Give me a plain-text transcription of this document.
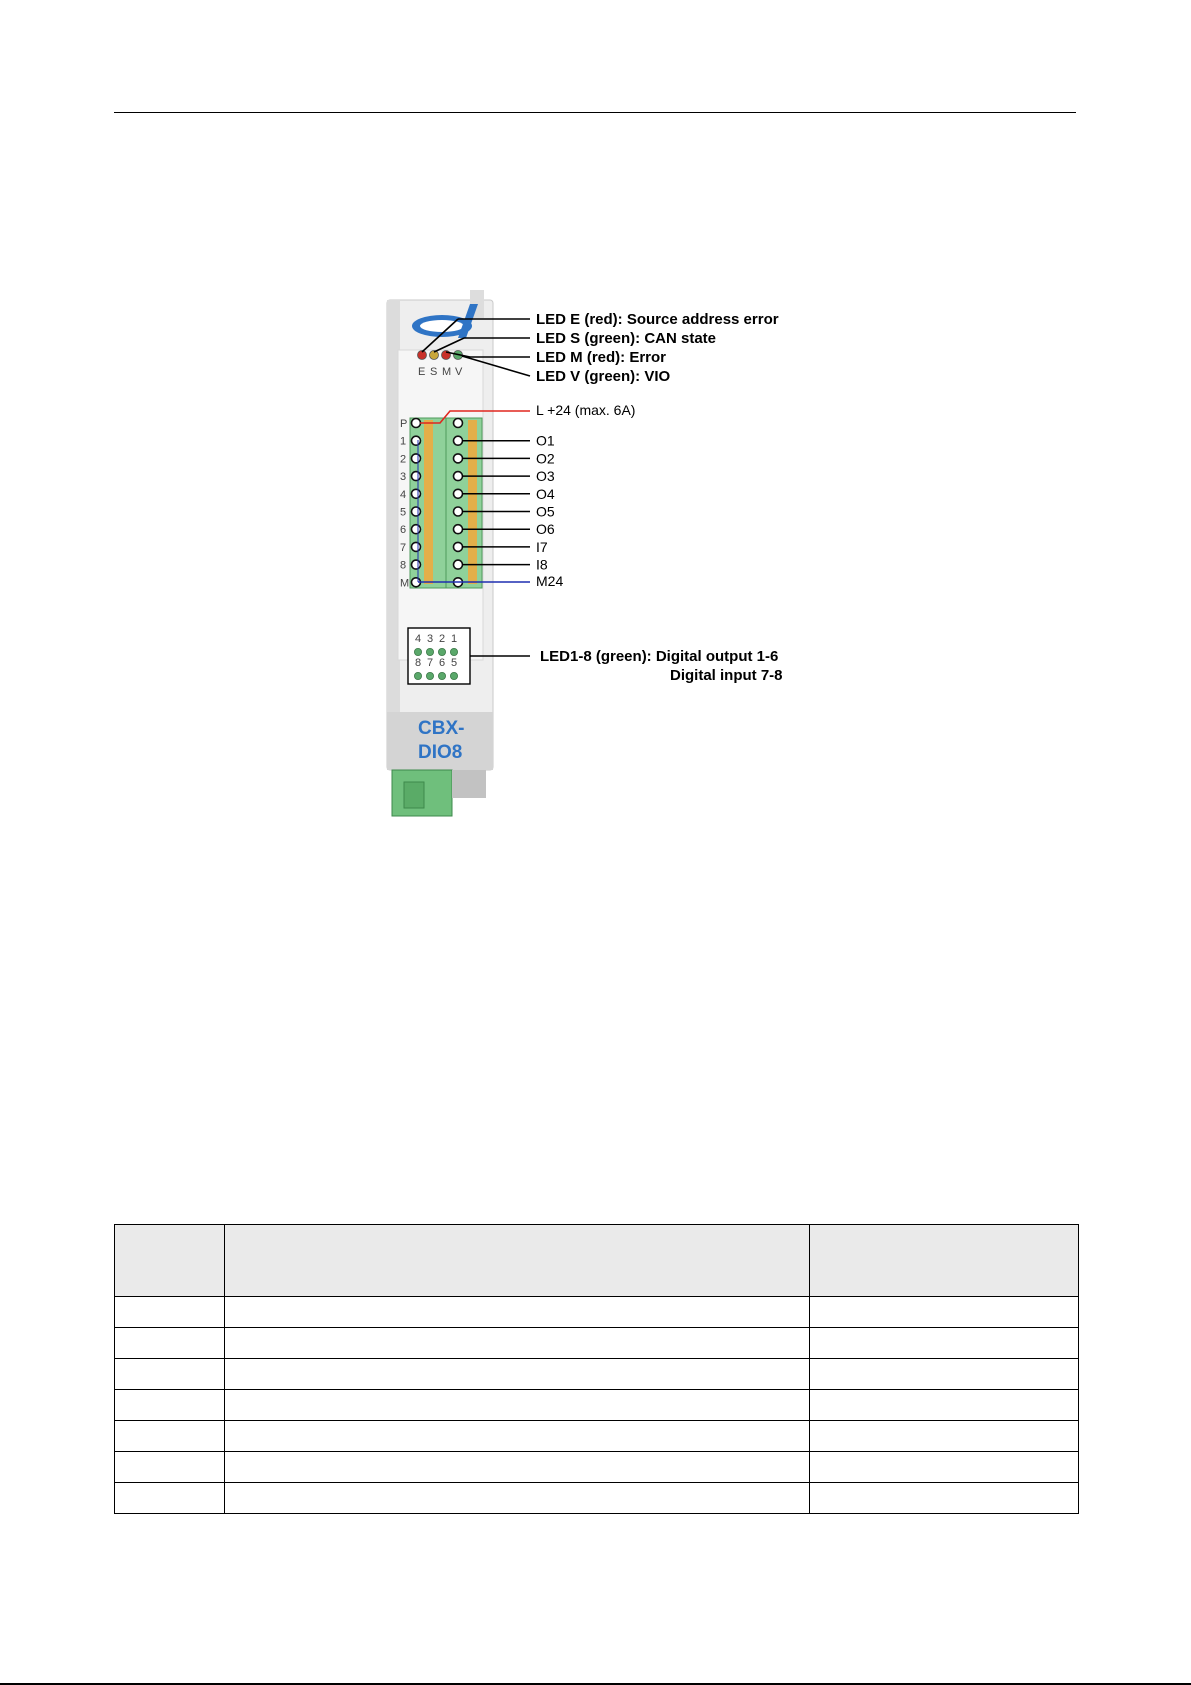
E S M V
LED E (red): Source address error
LED S (green): CAN state
LED M (red): Error
LED V (green): VIO
P
1
2
3
4
5
6
7
8
M
O1
O2
O3
O4
O5
O6
I7
I8
L +24 (max. 6A)
M24
4 3 2 1
8 7 6 5	LED1-8 (green): Digital output 1-6
Digital input 7-8
CBX-
DIO8
